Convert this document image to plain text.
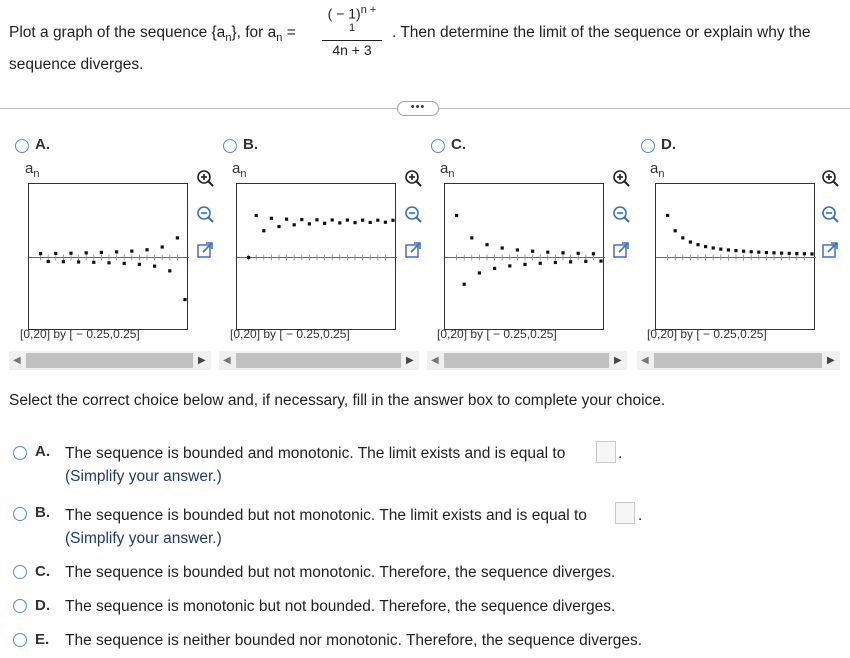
Plot a graph of the sequence $\{a_n\}$, for $a_n$ =
( − 1)$^{n + 1}$
4n + 3
. Then determine the limit of the sequence or explain why the
sequence diverges.
•••
A.
$a_n$
[0,20] by [ − 0.25,0.25]
B.
$a_n$
[0,20] by [ − 0.25,0.25]
C.
$a_n$
[0,20] by [ − 0.25,0.25]
D.
$a_n$
[0,20] by [ − 0.25,0.25]
◀	▶ ◀	▶ ◀	▶ ◀	▶
Select the correct choice below and, if necessary, fill in the answer box to complete your choice.
A. The sequence is bounded and monotonic. The limit exists and is equal to	.
(Simplify your answer.)
B. The sequence is bounded but not monotonic. The limit exists and is equal to	.
(Simplify your answer.)
C. The sequence is bounded but not monotonic. Therefore, the sequence diverges.
D. The sequence is monotonic but not bounded. Therefore, the sequence diverges.
E. The sequence is neither bounded nor monotonic. Therefore, the sequence diverges.
